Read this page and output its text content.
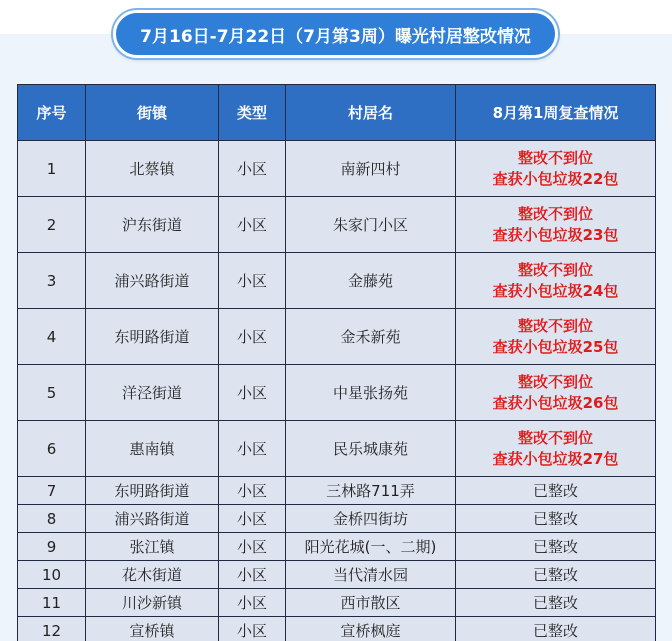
7月16日-7月22日（7月第3周）曝光村居整改情况
序号	街镇	类型	村居名	8月第1周复查情况
1	北蔡镇	小区	南新四村	整改不到位
查获小包垃圾22包

2	沪东街道	小区	朱家门小区	整改不到位
查获小包垃圾23包

3	浦兴路街道	小区	金藤苑	整改不到位
查获小包垃圾24包

4	东明路街道	小区	金禾新苑	整改不到位
查获小包垃圾25包

5	洋泾街道	小区	中星张扬苑	整改不到位
查获小包垃圾26包

6	惠南镇	小区	民乐城康苑	整改不到位
查获小包垃圾27包

7	东明路街道	小区	三林路711弄	已整改
8	浦兴路街道	小区	金桥四街坊	已整改
9	张江镇	小区	阳光花城(一、二期)	已整改
10	花木街道	小区	当代清水园	已整改
11	川沙新镇	小区	西市散区	已整改
12	宣桥镇	小区	宣桥枫庭	已整改
